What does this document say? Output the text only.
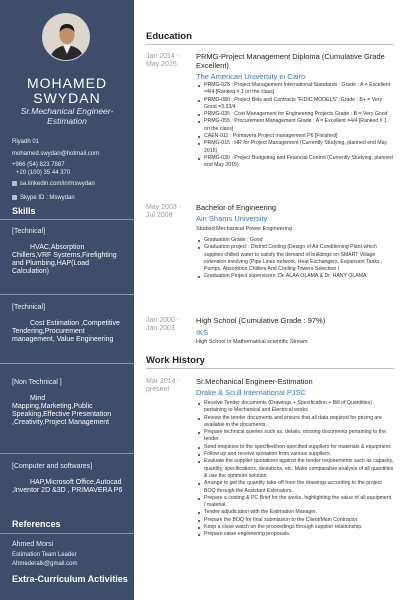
MOHAMED
SWYDAN
Sr.Mechanical Engineer-Estimation
Riyadh 01
mohamed.swydan@hotmail.com
+966 (54) 823 7887
+20 (100) 35 44 370
sa.linkedin.com/in/mswydan
Skype ID : Mswydan
Skills
[Technical]
HVAC,Absorption Chillers,VRF Systems,Firefighting and Plumbing,HAP(Load Calculation)
[Technical]
Cost Estimation ,Competitive Tendering,Procurement management, Value Engineering
[Non Technical ]
Mind Mapping,Marketing,Public Speaking,Effective Presentation ,Creativity,Project Management
[Computer and softwares]
HAP,Microsoft Office,Autocad ,Inventor 2D &3D , PRIMAVERA P6
References
Ahmed Morsi
Estimation Team Leader
Ahmederalk@gmail.com
Extra-Curriculum Activities
Education
Jan 2014 - May 2015
PRMG-Project Management Diploma (Cumulative Grade Excellent)
The American University in Cairo
PRMG-025 : Project Management International Standards : Grade : A = Excellent =4/4 [Ranked # 1 on the class]
PRMG-080 : Project Bids and Contracts "FIDIC MODELS" :Grade : B+ = Very Good =3.33/4
PRMG-035 : Cost Management for Engineering Projects Grade : B = Very Good
PRMG-055 : Procurement Management Grade : A = Excellent =4/4 [Ranked # 1 on the class]
CAEN-011 : Primavera Project management P6 [Finished]
PRMG-015 : HR for Project Management (Currently Studying, planned end May 2015)
PRMG-030 : Project Budgeting and Financial Control (Currently Studying, planned end May 2015)
May 2003 - Jul 2008
Bachelor of Engineering
Ain Shams University
Studied Mechanical Power Engineering
Graduation Grade : Good
Graduation project : District Cooling (Design of Air Conditioning Plant which supplies chilled water to satisfy the demand of buildings on SMART Village extension involving (Pipe Lines network, Heat Exchangers, Expansion Tanks , Pumps, Absorption Chillers And Cooling Towers Selection )
Graduation Project supervisors: Dr. ALAA OLAMA & Dr. HANY OLAMA
Jan 2000 - Jan 2003
High School (Cumulative Grade : 97%)
IKS
High School in Mathematical scientific Stream
Work History
Mar 2014 - present
Sr.Mechanical Engineer-Estimation
Drake & Scull International PJSC
Receive Tender documents (Drawings + Specification + Bill of Quantities) pertaining to Mechanical and Electrical works
Review the tender documents and ensure that all data required for pricing are available in the documents.
Prepare technical queries such as, details, missing documents pertaining to the tender.
Send enquiries to the specified/non-specified suppliers for materials & equipment.
Follow up and receive quotation from various suppliers.
Evaluate the supplier quotations against the tender requirements such as capacity, quantity, specifications, deviations, etc. Make comparative analysis of all quantities & use the optimum solution
Arrange to get the quantity take-off from the drawings according to the project BOQ through the Assistant Estimators.
Prepare a costing & PC Brief for the works, highlighting the value of all equipment / material.
Tender adjudication with the Estimation Manager.
Prepare the BOQ for final submission to the Client/Main Contractor.
Keep a close watch on the proceedings through supplier relationship.
Prepare value engineering proposals.
